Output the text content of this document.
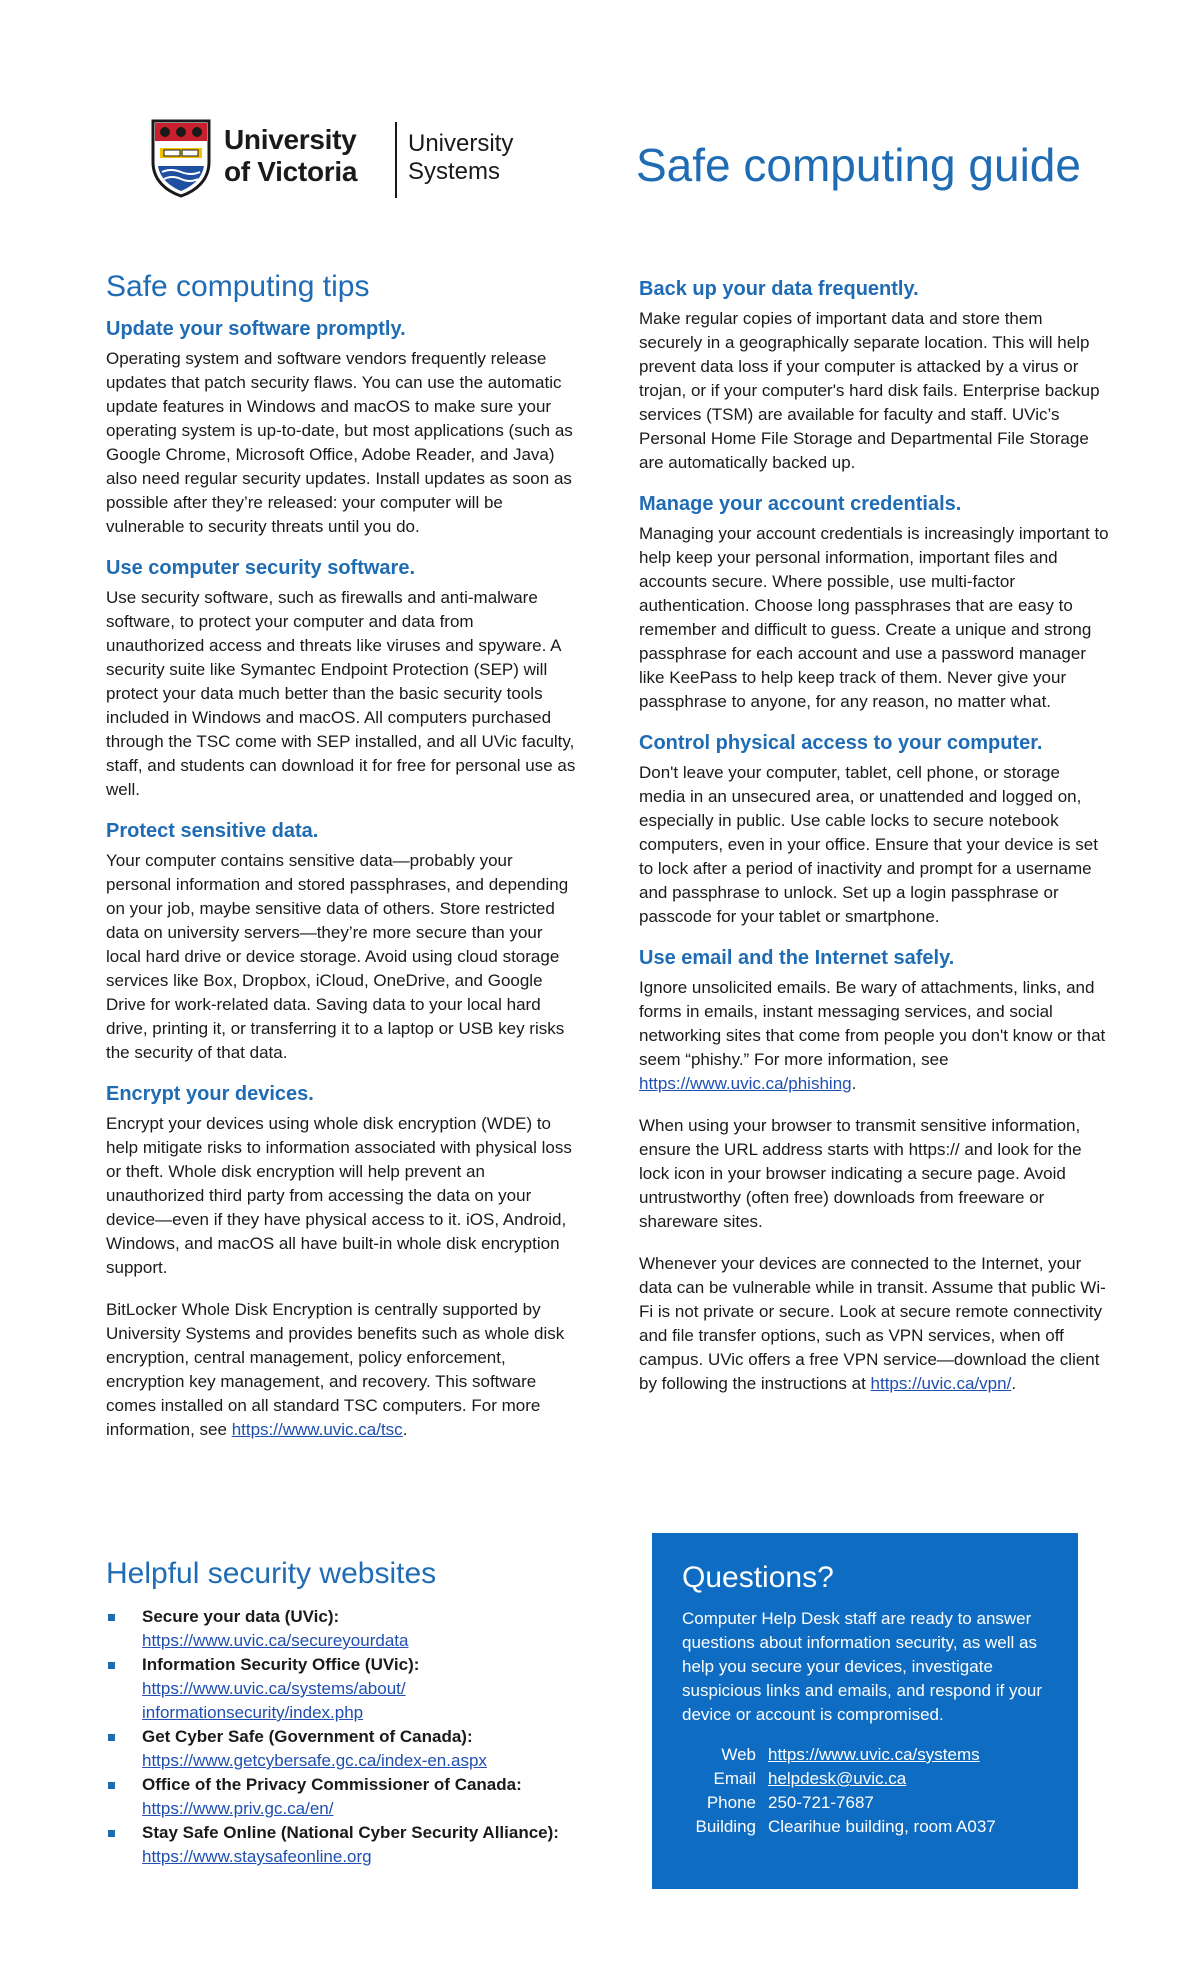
University
of Victoria
University
Systems	Safe computing guide
Safe computing tips
Update your software promptly.

Operating system and software vendors frequently release updates that patch security flaws. You can use the automatic update features in Windows and macOS to make sure your operating system is up-to-date, but most applications (such as Google Chrome, Microsoft Office, Adobe Reader, and Java) also need regular security updates. Install updates as soon as possible after they’re released: your computer will be vulnerable to security threats until you do.

Use computer security software.

Use security software, such as firewalls and anti-malware software, to protect your computer and data from unauthorized access and threats like viruses and spyware. A security suite like Symantec Endpoint Protection (SEP) will protect your data much better than the basic security tools included in Windows and macOS. All computers purchased through the TSC come with SEP installed, and all UVic faculty, staff, and students can download it for free for personal use as well.

Protect sensitive data.

Your computer contains sensitive data—probably your personal information and stored passphrases, and depending on your job, maybe sensitive data of others. Store restricted data on university servers—they’re more secure than your local hard drive or device storage. Avoid using cloud storage services like Box, Dropbox, iCloud, OneDrive, and Google Drive for work-related data. Saving data to your local hard drive, printing it, or transferring it to a laptop or USB key risks the security of that data.

Encrypt your devices.

Encrypt your devices using whole disk encryption (WDE) to help mitigate risks to information associated with physical loss or theft. Whole disk encryption will help prevent an unauthorized third party from accessing the data on your device—even if they have physical access to it. iOS, Android, Windows, and macOS all have built-in whole disk encryption support.

BitLocker Whole Disk Encryption is centrally supported by University Systems and provides benefits such as whole disk encryption, central management, policy enforcement, encryption key management, and recovery. This software comes installed on all standard TSC computers. For more information, see https://www.uvic.ca/tsc.

Back up your data frequently.

Make regular copies of important data and store them securely in a geographically separate location. This will help prevent data loss if your computer is attacked by a virus or trojan, or if your computer's hard disk fails. Enterprise backup services (TSM) are available for faculty and staff. UVic’s Personal Home File Storage and Departmental File Storage are automatically backed up.

Manage your account credentials.

Managing your account credentials is increasingly important to help keep your personal information, important files and accounts secure. Where possible, use multi-factor authentication. Choose long passphrases that are easy to remember and difficult to guess. Create a unique and strong passphrase for each account and use a password manager like KeePass to help keep track of them. Never give your passphrase to anyone, for any reason, no matter what.

Control physical access to your computer.

Don't leave your computer, tablet, cell phone, or storage media in an unsecured area, or unattended and logged on, especially in public. Use cable locks to secure notebook computers, even in your office. Ensure that your device is set to lock after a period of inactivity and prompt for a username and passphrase to unlock. Set up a login passphrase or passcode for your tablet or smartphone.

Use email and the Internet safely.

Ignore unsolicited emails. Be wary of attachments, links, and forms in emails, instant messaging services, and social networking sites that come from people you don't know or that seem “phishy.” For more information, see https://www.uvic.ca/phishing.

When using your browser to transmit sensitive information, ensure the URL address starts with https:// and look for the lock icon in your browser indicating a secure page. Avoid untrustworthy (often free) downloads from freeware or shareware sites.

Whenever your devices are connected to the Internet, your data can be vulnerable while in transit. Assume that public Wi-Fi is not private or secure. Look at secure remote connectivity and file transfer options, such as VPN services, when off campus. UVic offers a free VPN service—download the client by following the instructions at https://uvic.ca/vpn/.

Helpful security websites
Secure your data (UVic):
https://www.uvic.ca/secureyourdata
Information Security Office (UVic):
https://www.uvic.ca/systems/about/ informationsecurity/index.php
Get Cyber Safe (Government of Canada):
https://www.getcybersafe.gc.ca/index-en.aspx
Office of the Privacy Commissioner of Canada:
https://www.priv.gc.ca/en/
Stay Safe Online (National Cyber Security Alliance):
https://www.staysafeonline.org
Questions?

Computer Help Desk staff are ready to answer questions about information security, as well as help you secure your devices, investigate suspicious links and emails, and respond if your device or account is compromised.

Web https://www.uvic.ca/systems
Email helpdesk@uvic.ca
Phone 250-721-7687
Building Clearihue building, room A037
